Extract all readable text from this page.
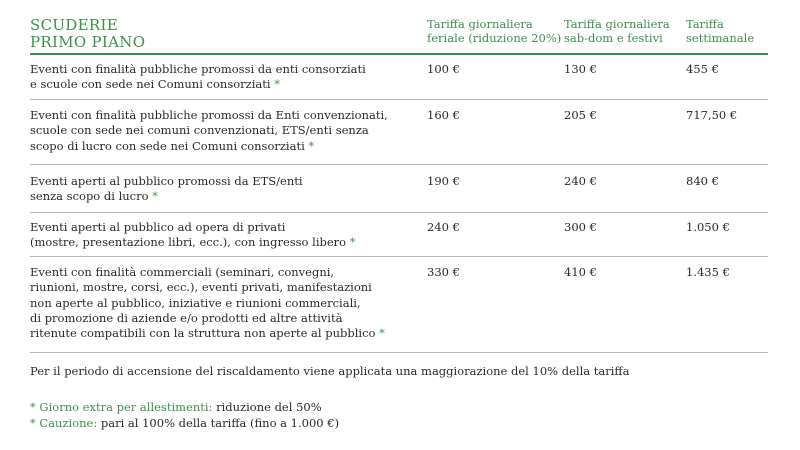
SCUDERIE
PRIMO PIANO
Tariffa giornaliera
feriale (riduzione 20%)
Tariffa giornaliera
sab-dom e festivi
Tariffa
settimanale
Eventi con finalità pubbliche promossi da enti consorziati
e scuole con sede nei Comuni consorziati *
100 €	130 €	455 €
Eventi con finalità pubbliche promossi da Enti convenzionati,
scuole con sede nei comuni convenzionati, ETS/enti senza
scopo di lucro con sede nei Comuni consorziati *
160 €	205 €	717,50 €
Eventi aperti al pubblico promossi da ETS/enti
senza scopo di lucro *
190 €	240 €	840 €
Eventi aperti al pubblico ad opera di privati
(mostre, presentazione libri, ecc.), con ingresso libero *
240 €	300 €	1.050 €
Eventi con finalità commerciali (seminari, convegni,
riunioni, mostre, corsi, ecc.), eventi privati, manifestazioni
non aperte al pubblico, iniziative e riunioni commerciali,
di promozione di aziende e/o prodotti ed altre attività
ritenute compatibili con la struttura non aperte al pubblico *
330 €	410 €	1.435 €
Per il periodo di accensione del riscaldamento viene applicata una maggiorazione del 10% della tariffa
* Giorno extra per allestimenti: riduzione del 50%
* Cauzione: pari al 100% della tariffa (fino a 1.000 €)
